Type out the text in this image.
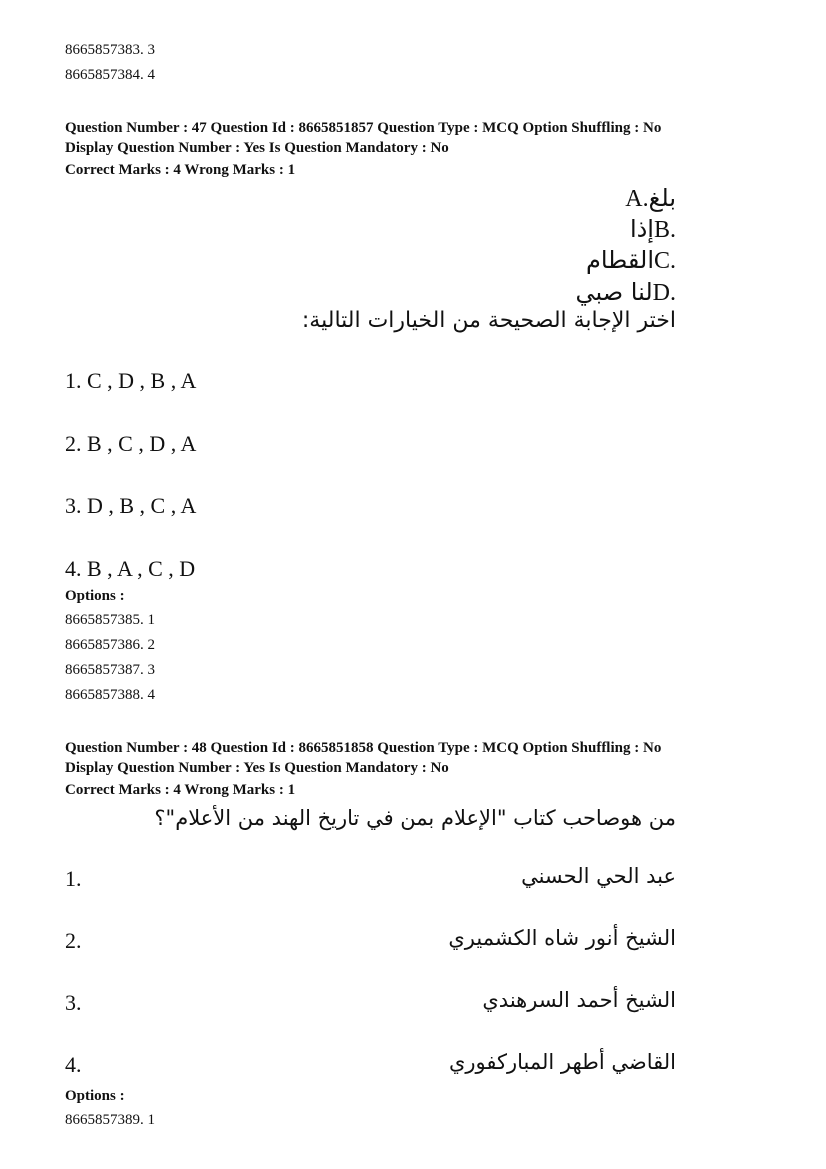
8665857383. 3
8665857384. 4
Question Number : 47 Question Id : 8665851857 Question Type : MCQ Option Shuffling : No
Display Question Number : Yes Is Question Mandatory : No
Correct Marks : 4 Wrong Marks : 1
بلغA.
إذاB.
القطامC.
لنا صبيD.
اختر الإجابة الصحيحة من الخيارات التالية:
1. C , D , B , A
2. B , C , D , A
3. D , B , C , A
4. B , A , C , D
Options :
8665857385. 1
8665857386. 2
8665857387. 3
8665857388. 4
Question Number : 48 Question Id : 8665851858 Question Type : MCQ Option Shuffling : No
Display Question Number : Yes Is Question Mandatory : No
Correct Marks : 4 Wrong Marks : 1
من هوصاحب كتاب "الإعلام بمن في تاريخ الهند من الأعلام"؟
1.	عبد الحي الحسني
2.	الشيخ أنور شاه الكشميري
3.	الشيخ أحمد السرهندي
4.	القاضي أطهر المباركفوري
Options :
8665857389. 1
